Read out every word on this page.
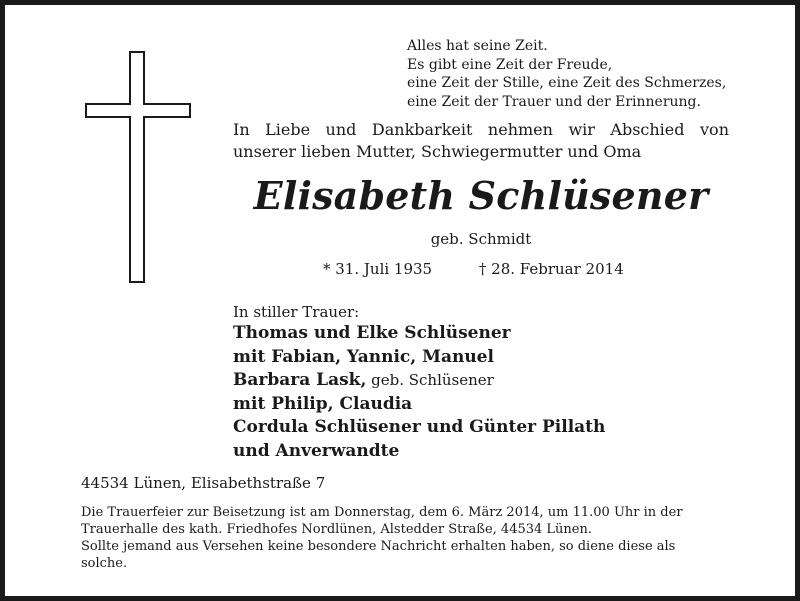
Alles hat seine Zeit.
Es gibt eine Zeit der Freude,
eine Zeit der Stille, eine Zeit des Schmerzes,
eine Zeit der Trauer und der Erinnerung.
In Liebe und Dankbarkeit nehmen wir Abschied von
unserer lieben Mutter, Schwiegermutter und Oma
Elisabeth Schlüsener
geb. Schmidt
* 31. Juli 1935	† 28. Februar 2014
In stiller Trauer:
Thomas und Elke Schlüsener
mit Fabian, Yannic, Manuel
Barbara Lask, geb. Schlüsener
mit Philip, Claudia
Cordula Schlüsener und Günter Pillath
und Anverwandte
44534 Lünen, Elisabethstraße 7
Die Trauerfeier zur Beisetzung ist am Donnerstag, dem 6. März 2014, um 11.00 Uhr in der
Trauerhalle des kath. Friedhofes Nordlünen, Alstedder Straße, 44534 Lünen.
Sollte jemand aus Versehen keine besondere Nachricht erhalten haben, so diene diese als
solche.
